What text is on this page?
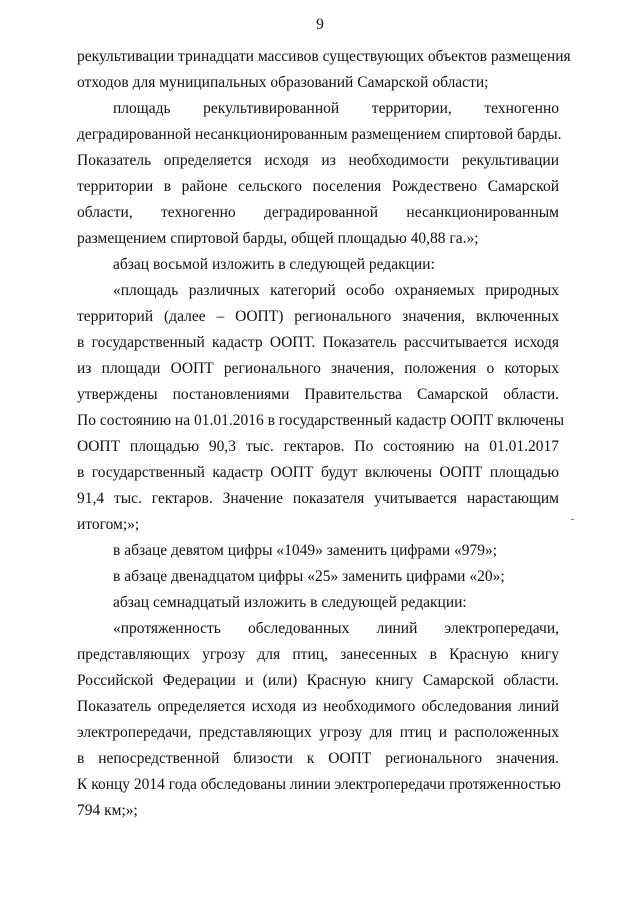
9
рекультивации тринадцати массивов существующих объектов размещения
отходов для муниципальных образований Самарской области;
площадь рекультивированной территории, техногенно
деградированной несанкционированным размещением спиртовой барды.
Показатель определяется исходя из необходимости рекультивации
территории в районе сельского поселения Рождествено Самарской
области, техногенно деградированной несанкционированным
размещением спиртовой барды, общей площадью 40,88 га.»;
абзац восьмой изложить в следующей редакции:
«площадь различных категорий особо охраняемых природных
территорий (далее – ООПТ) регионального значения, включенных
в государственный кадастр ООПТ. Показатель рассчитывается исходя
из площади ООПТ регионального значения, положения о которых
утверждены постановлениями Правительства Самарской области.
По состоянию на 01.01.2016 в государственный кадастр ООПТ включены
ООПТ площадью 90,3 тыс. гектаров. По состоянию на 01.01.2017
в государственный кадастр ООПТ будут включены ООПТ площадью
91,4 тыс. гектаров. Значение показателя учитывается нарастающим
итогом;»;
в абзаце девятом цифры «1049» заменить цифрами «979»;
в абзаце двенадцатом цифры «25» заменить цифрами «20»;
абзац семнадцатый изложить в следующей редакции:
«протяженность обследованных линий электропередачи,
представляющих угрозу для птиц, занесенных в Красную книгу
Российской Федерации и (или) Красную книгу Самарской области.
Показатель определяется исходя из необходимого обследования линий
электропередачи, представляющих угрозу для птиц и расположенных
в непосредственной близости к ООПТ регионального значения.
К концу 2014 года обследованы линии электропередачи протяженностью
794 км;»;
